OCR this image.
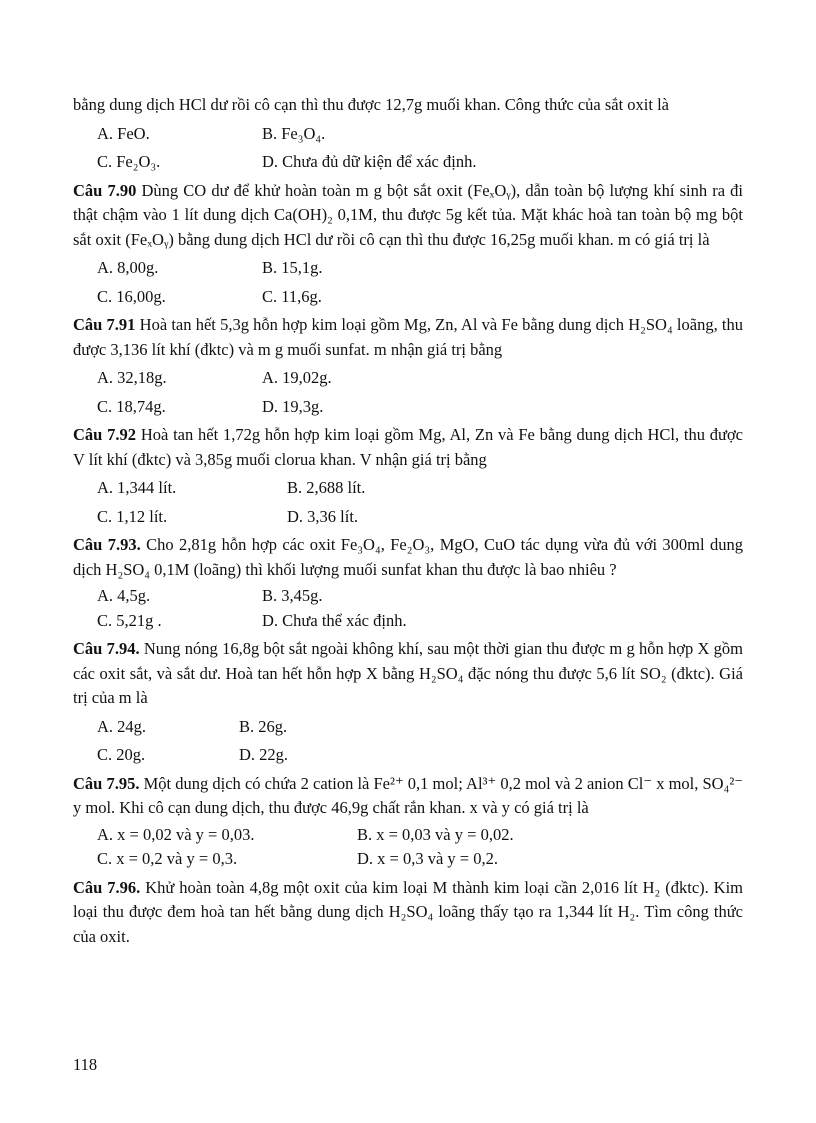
bằng dung dịch HCl dư rồi cô cạn thì thu được 12,7g muối khan. Công thức của sắt oxit là

A. FeO.	B. Fe₃O₄.
C. Fe₂O₃.	D. Chưa đủ dữ kiện để xác định.

Câu 7.90 Dùng CO dư để khử hoàn toàn m g bột sắt oxit (FeₓOᵧ), dẫn toàn bộ lượng khí sinh ra đi thật chậm vào 1 lít dung dịch Ca(OH)₂ 0,1M, thu được 5g kết tủa. Mặt khác hoà tan toàn bộ mg bột sắt oxit (FeₓOᵧ) bằng dung dịch HCl dư rồi cô cạn thì thu được 16,25g muối khan. m có giá trị là

A. 8,00g.	B. 15,1g.
C. 16,00g.	C. 11,6g.

Câu 7.91 Hoà tan hết 5,3g hỗn hợp kim loại gồm Mg, Zn, Al và Fe bằng dung dịch H₂SO₄ loãng, thu được 3,136 lít khí (đktc) và m g muối sunfat. m nhận giá trị bằng

A. 32,18g.	A. 19,02g.
C. 18,74g.	D. 19,3g.

Câu 7.92 Hoà tan hết 1,72g hỗn hợp kim loại gồm Mg, Al, Zn và Fe bằng dung dịch HCl, thu được V lít khí (đktc) và 3,85g muối clorua khan. V nhận giá trị bằng

A. 1,344 lít.	B. 2,688 lít.
C. 1,12 lít.	D. 3,36 lít.

Câu 7.93. Cho 2,81g hỗn hợp các oxit Fe₃O₄, Fe₂O₃, MgO, CuO tác dụng vừa đủ với 300ml dung dịch H₂SO₄ 0,1M (loãng) thì khối lượng muối sunfat khan thu được là bao nhiêu ?

A. 4,5g.	B. 3,45g.
C. 5,21g .	D. Chưa thể xác định.

Câu 7.94. Nung nóng 16,8g bột sắt ngoài không khí, sau một thời gian thu được m g hỗn hợp X gồm các oxit sắt, và sắt dư. Hoà tan hết hỗn hợp X bằng H₂SO₄ đặc nóng thu được 5,6 lít SO₂ (đktc). Giá trị của m là

A. 24g.	B. 26g.
C. 20g.	D. 22g.

Câu 7.95. Một dung dịch có chứa 2 cation là Fe²⁺ 0,1 mol; Al³⁺ 0,2 mol và 2 anion Cl⁻ x mol, SO₄²⁻ y mol. Khi cô cạn dung dịch, thu được 46,9g chất rắn khan. x và y có giá trị là

A. x = 0,02 và y = 0,03.	B. x = 0,03 và y = 0,02.
C. x = 0,2 và y = 0,3.	D. x = 0,3 và y = 0,2.

Câu 7.96. Khử hoàn toàn 4,8g một oxit của kim loại M thành kim loại cần 2,016 lít H₂ (đktc). Kim loại thu được đem hoà tan hết bằng dung dịch H₂SO₄ loãng thấy tạo ra 1,344 lít H₂. Tìm công thức của oxit.

118
